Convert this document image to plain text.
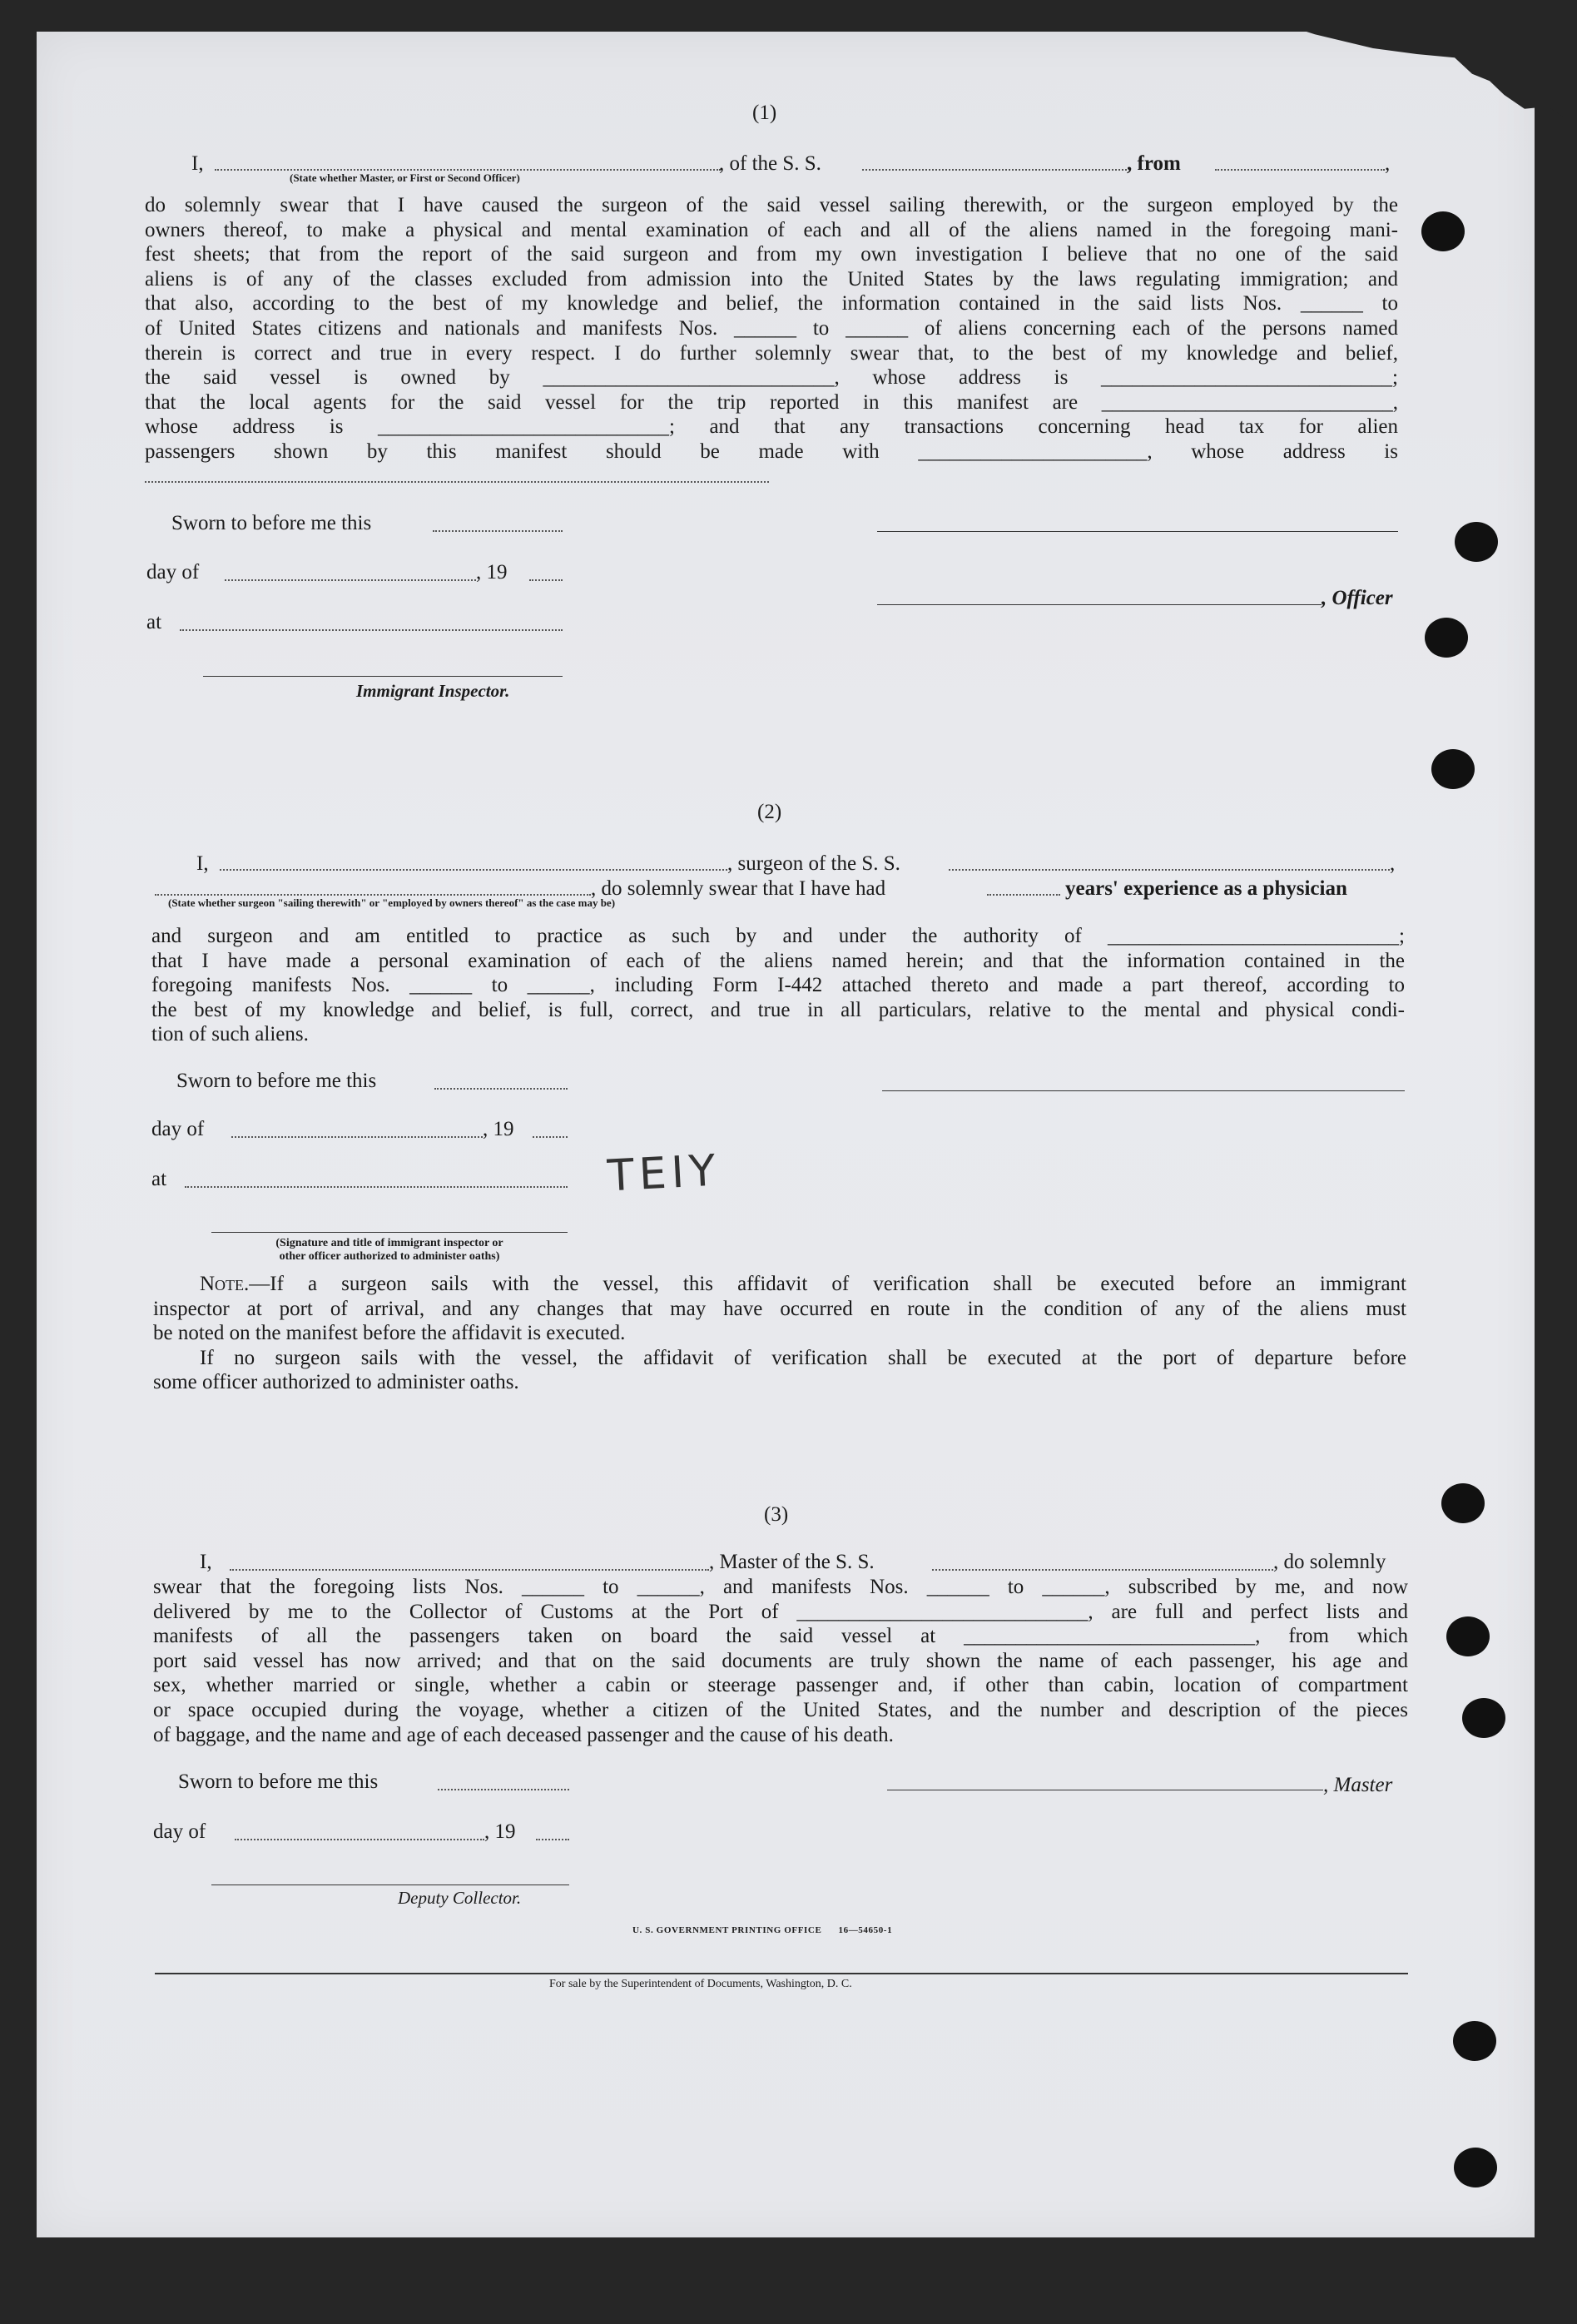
(1)
I,	, of the S. S.	, from	,
(State whether Master, or First or Second Officer)
do solemnly swear that I have caused the surgeon of the said vessel sailing therewith, or the surgeon employed by the
owners thereof, to make a physical and mental examination of each and all of the aliens named in the foregoing mani-
fest sheets; that from the report of the said surgeon and from my own investigation I believe that no one of the said
aliens is of any of the classes excluded from admission into the United States by the laws regulating immigration; and
that also, according to the best of my knowledge and belief, the information contained in the said lists Nos. ______ to
of United States citizens and nationals and manifests Nos. ______ to ______ of aliens concerning each of the persons named
therein is correct and true in every respect. I do further solemnly swear that, to the best of my knowledge and belief,
the said vessel is owned by ____________________________, whose address is ____________________________;
that the local agents for the said vessel for the trip reported in this manifest are ____________________________,
whose address is ____________________________; and that any transactions concerning head tax for alien
passengers shown by this manifest should be made with ______________________, whose address is
Sworn to before me this
day of	, 19
at
, Officer
Immigrant Inspector.
(2)
I,	, surgeon of the S. S.	,
, do solemnly swear that I have had	years' experience as a physician
(State whether surgeon "sailing therewith" or "employed by owners thereof" as the case may be)
and surgeon and am entitled to practice as such by and under the authority of ____________________________;
that I have made a personal examination of each of the aliens named herein; and that the information contained in the
foregoing manifests Nos. ______ to ______, including Form I-442 attached thereto and made a part thereof, according to
the best of my knowledge and belief, is full, correct, and true in all particulars, relative to the mental and physical condi-
tion of such aliens.
Sworn to before me this
day of	, 19
at	TEIY
(Signature and title of immigrant inspector or
other officer authorized to administer oaths)
Note.—If a surgeon sails with the vessel, this affidavit of verification shall be executed before an immigrant
inspector at port of arrival, and any changes that may have occurred en route in the condition of any of the aliens must
be noted on the manifest before the affidavit is executed.
If no surgeon sails with the vessel, the affidavit of verification shall be executed at the port of departure before
some officer authorized to administer oaths.
(3)
I,	, Master of the S. S.	, do solemnly
swear that the foregoing lists Nos. ______ to ______, and manifests Nos. ______ to ______, subscribed by me, and now
delivered by me to the Collector of Customs at the Port of ____________________________, are full and perfect lists and
manifests of all the passengers taken on board the said vessel at ____________________________, from which
port said vessel has now arrived; and that on the said documents are truly shown the name of each passenger, his age and
sex, whether married or single, whether a cabin or steerage passenger and, if other than cabin, location of compartment
or space occupied during the voyage, whether a citizen of the United States, and the number and description of the pieces
of baggage, and the name and age of each deceased passenger and the cause of his death.
Sworn to before me this	, Master
day of	, 19
Deputy Collector.
U. S. GOVERNMENT PRINTING OFFICE      16—54650-1
For sale by the Superintendent of Documents, Washington, D. C.
